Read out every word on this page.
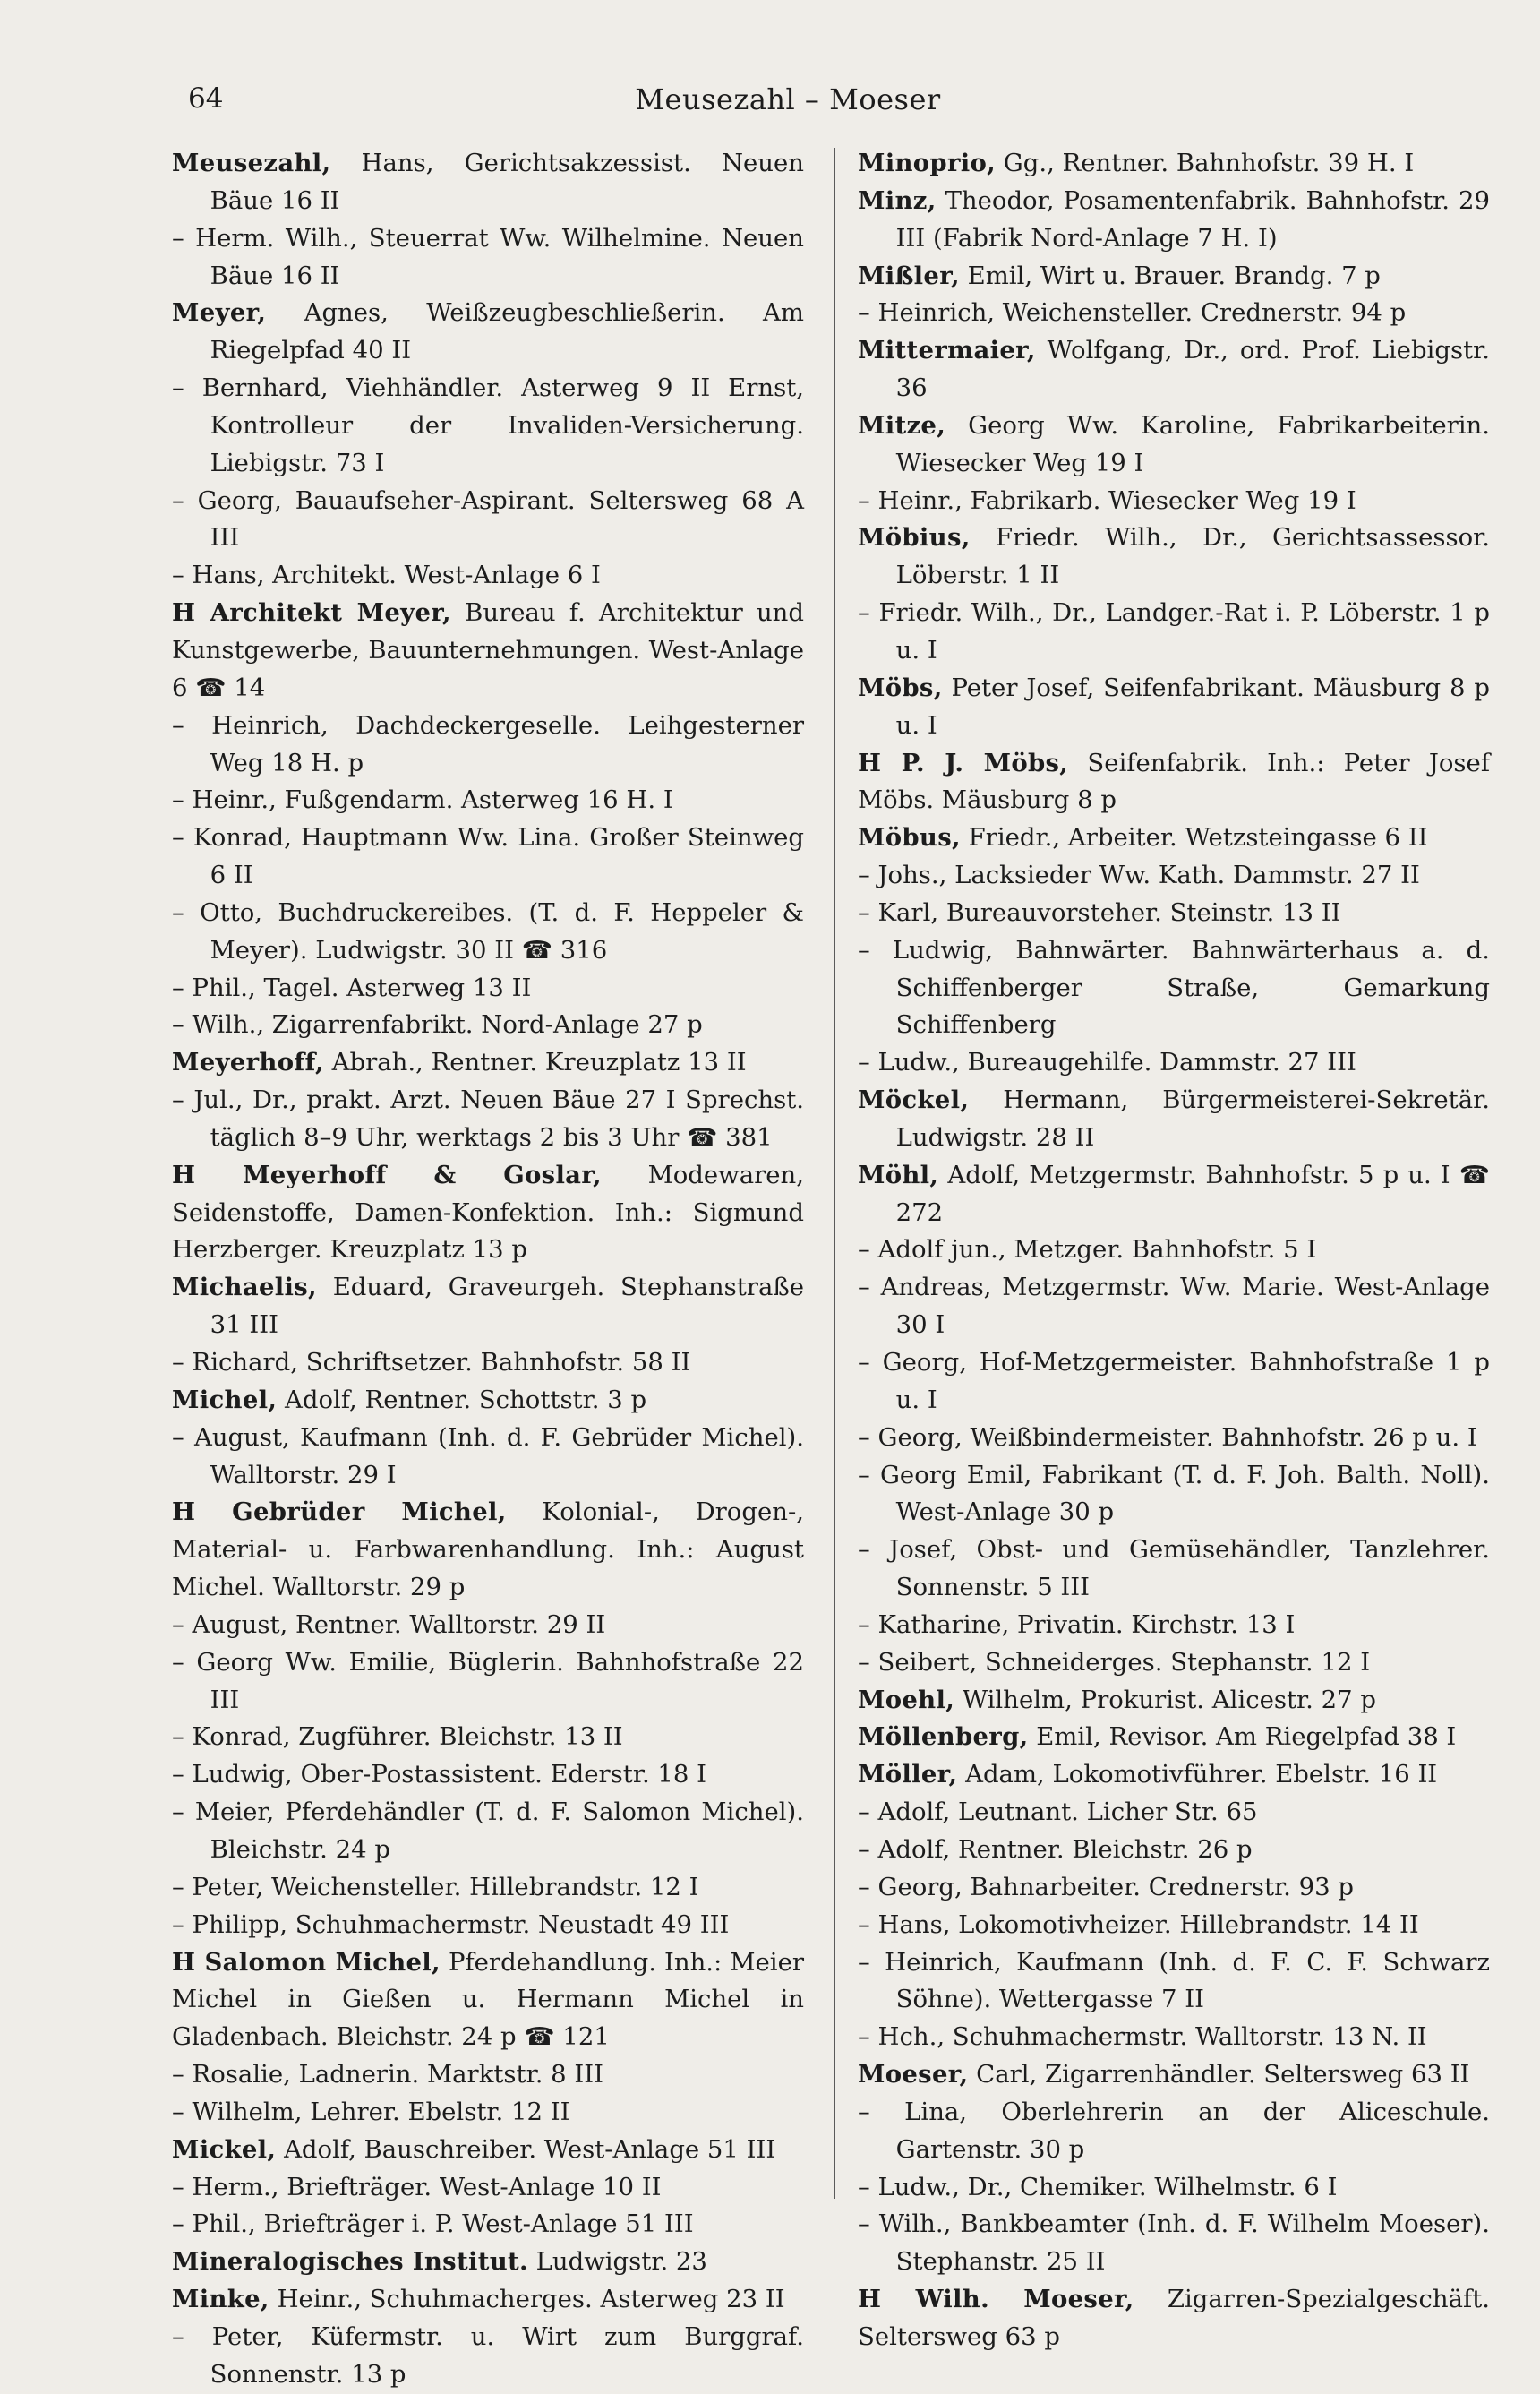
64	Meusezahl – Moeser

Meusezahl, Hans, Gerichtsakzessist. Neuen Bäue 16 II

– Herm. Wilh., Steuerrat Ww. Wilhelmine. Neuen Bäue 16 II

Meyer, Agnes, Weißzeugbeschließerin. Am Riegelpfad 40 II

– Bernhard, Viehhändler. Asterweg 9 II Ernst, Kontrolleur der Invaliden-Versicherung. Liebigstr. 73 I

– Georg, Bauaufseher-Aspirant. Seltersweg 68 A III

– Hans, Architekt. West-Anlage 6 I

H Architekt Meyer, Bureau f. Architektur und Kunstgewerbe, Bauunternehmungen. West-Anlage 6 ☎ 14

– Heinrich, Dachdeckergeselle. Leihgesterner Weg 18 H. p

– Heinr., Fußgendarm. Asterweg 16 H. I

– Konrad, Hauptmann Ww. Lina. Großer Steinweg 6 II

– Otto, Buchdruckereibes. (T. d. F. Heppeler & Meyer). Ludwigstr. 30 II ☎ 316

– Phil., Tagel. Asterweg 13 II

– Wilh., Zigarrenfabrikt. Nord-Anlage 27 p

Meyerhoff, Abrah., Rentner. Kreuzplatz 13 II

– Jul., Dr., prakt. Arzt. Neuen Bäue 27 I Sprechst. täglich 8–9 Uhr, werktags 2 bis 3 Uhr ☎ 381

H Meyerhoff & Goslar, Modewaren, Seidenstoffe, Damen-Konfektion. Inh.: Sigmund Herzberger. Kreuzplatz 13 p

Michaelis, Eduard, Graveurgeh. Stephanstraße 31 III

– Richard, Schriftsetzer. Bahnhofstr. 58 II

Michel, Adolf, Rentner. Schottstr. 3 p

– August, Kaufmann (Inh. d. F. Gebrüder Michel). Walltorstr. 29 I

H Gebrüder Michel, Kolonial-, Drogen-, Material- u. Farbwarenhandlung. Inh.: August Michel. Walltorstr. 29 p

– August, Rentner. Walltorstr. 29 II

– Georg Ww. Emilie, Büglerin. Bahnhofstraße 22 III

– Konrad, Zugführer. Bleichstr. 13 II

– Ludwig, Ober-Postassistent. Ederstr. 18 I

– Meier, Pferdehändler (T. d. F. Salomon Michel). Bleichstr. 24 p

– Peter, Weichensteller. Hillebrandstr. 12 I

– Philipp, Schuhmachermstr. Neustadt 49 III

H Salomon Michel, Pferdehandlung. Inh.: Meier Michel in Gießen u. Hermann Michel in Gladenbach. Bleichstr. 24 p ☎ 121

– Rosalie, Ladnerin. Marktstr. 8 III

– Wilhelm, Lehrer. Ebelstr. 12 II

Mickel, Adolf, Bauschreiber. West-Anlage 51 III

– Herm., Briefträger. West-Anlage 10 II

– Phil., Briefträger i. P. West-Anlage 51 III

Mineralogisches Institut. Ludwigstr. 23

Minke, Heinr., Schuhmacherges. Asterweg 23 II

– Peter, Küfermstr. u. Wirt zum Burggraf. Sonnenstr. 13 p

Minoprio, Gg., Rentner. Bahnhofstr. 39 H. I

Minz, Theodor, Posamentenfabrik. Bahnhofstr. 29 III (Fabrik Nord-Anlage 7 H. I)

Mißler, Emil, Wirt u. Brauer. Brandg. 7 p

– Heinrich, Weichensteller. Crednerstr. 94 p

Mittermaier, Wolfgang, Dr., ord. Prof. Liebigstr. 36

Mitze, Georg Ww. Karoline, Fabrikarbeiterin. Wiesecker Weg 19 I

– Heinr., Fabrikarb. Wiesecker Weg 19 I

Möbius, Friedr. Wilh., Dr., Gerichtsassessor. Löberstr. 1 II

– Friedr. Wilh., Dr., Landger.-Rat i. P. Löberstr. 1 p u. I

Möbs, Peter Josef, Seifenfabrikant. Mäusburg 8 p u. I

H P. J. Möbs, Seifenfabrik. Inh.: Peter Josef Möbs. Mäusburg 8 p

Möbus, Friedr., Arbeiter. Wetzsteingasse 6 II

– Johs., Lacksieder Ww. Kath. Dammstr. 27 II

– Karl, Bureauvorsteher. Steinstr. 13 II

– Ludwig, Bahnwärter. Bahnwärterhaus a. d. Schiffenberger Straße, Gemarkung Schiffenberg

– Ludw., Bureaugehilfe. Dammstr. 27 III

Möckel, Hermann, Bürgermeisterei-Sekretär. Ludwigstr. 28 II

Möhl, Adolf, Metzgermstr. Bahnhofstr. 5 p u. I ☎ 272

– Adolf jun., Metzger. Bahnhofstr. 5 I

– Andreas, Metzgermstr. Ww. Marie. West-Anlage 30 I

– Georg, Hof-Metzgermeister. Bahnhofstraße 1 p u. I

– Georg, Weißbindermeister. Bahnhofstr. 26 p u. I

– Georg Emil, Fabrikant (T. d. F. Joh. Balth. Noll). West-Anlage 30 p

– Josef, Obst- und Gemüsehändler, Tanzlehrer. Sonnenstr. 5 III

– Katharine, Privatin. Kirchstr. 13 I

– Seibert, Schneiderges. Stephanstr. 12 I

Moehl, Wilhelm, Prokurist. Alicestr. 27 p

Möllenberg, Emil, Revisor. Am Riegelpfad 38 I

Möller, Adam, Lokomotivführer. Ebelstr. 16 II

– Adolf, Leutnant. Licher Str. 65

– Adolf, Rentner. Bleichstr. 26 p

– Georg, Bahnarbeiter. Crednerstr. 93 p

– Hans, Lokomotivheizer. Hillebrandstr. 14 II

– Heinrich, Kaufmann (Inh. d. F. C. F. Schwarz Söhne). Wettergasse 7 II

– Hch., Schuhmachermstr. Walltorstr. 13 N. II

Moeser, Carl, Zigarrenhändler. Seltersweg 63 II

– Lina, Oberlehrerin an der Aliceschule. Gartenstr. 30 p

– Ludw., Dr., Chemiker. Wilhelmstr. 6 I

– Wilh., Bankbeamter (Inh. d. F. Wilhelm Moeser). Stephanstr. 25 II

H Wilh. Moeser, Zigarren-Spezialgeschäft. Seltersweg 63 p
